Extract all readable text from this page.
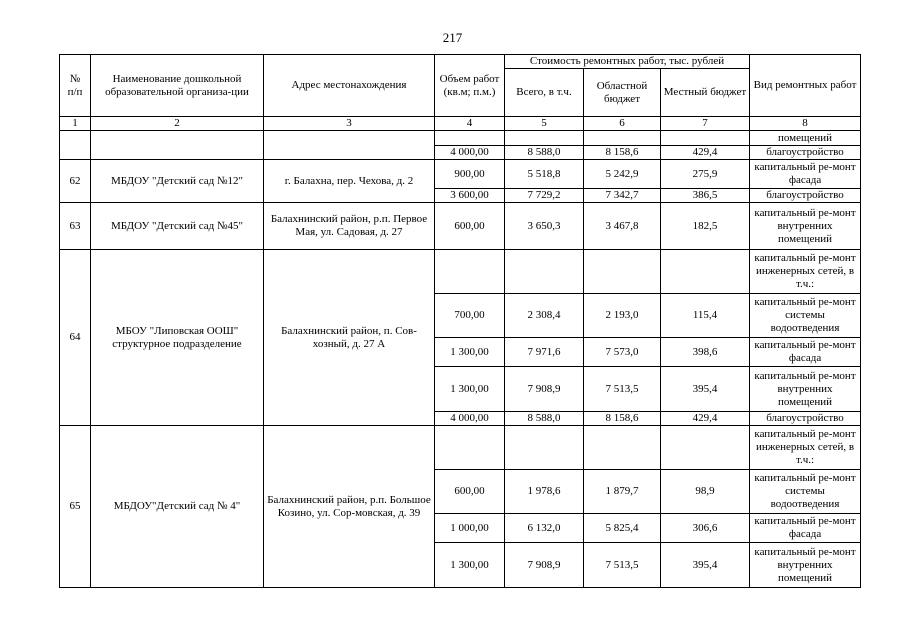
217
№
п/п	Наименование дошкольной образовательной организа-ции	Адрес местонахождения	Объем работ (кв.м; п.м.)	Стоимость ремонтных работ, тыс. рублей			Вид ремонтных работ
				Всего, в т.ч.	Областной бюджет	Местный бюджет	
1	2	3	4	5	6	7	8
							помещений
			4 000,00	8 588,0	8 158,6	429,4	благоустройство
62	МБДОУ "Детский сад №12"	г. Балахна, пер. Чехова, д. 2	900,00	5 518,8	5 242,9	275,9	капитальный ре-монт фасада
			3 600,00	7 729,2	7 342,7	386,5	благоустройство
63	МБДОУ "Детский сад №45"	Балахнинский район, р.п. Первое Мая, ул. Садовая, д. 27	600,00	3 650,3	3 467,8	182,5	капитальный ре-монт внутренних помещений
64	МБОУ "Липовская ООШ" структурное подразделение	Балахнинский район, п. Сов-хозный, д. 27 А					капитальный ре-монт инженерных сетей, в т.ч.:
			700,00	2 308,4	2 193,0	115,4	капитальный ре-монт системы водоотведения
			1 300,00	7 971,6	7 573,0	398,6	капитальный ре-монт фасада
			1 300,00	7 908,9	7 513,5	395,4	капитальный ре-монт внутренних помещений
			4 000,00	8 588,0	8 158,6	429,4	благоустройство
65	МБДОУ"Детский сад № 4"	Балахнинский район, р.п. Большое Козино, ул. Сор-мовская, д. 39					капитальный ре-монт инженерных сетей, в т.ч.:
			600,00	1 978,6	1 879,7	98,9	капитальный ре-монт системы водоотведения
			1 000,00	6 132,0	5 825,4	306,6	капитальный ре-монт фасада
			1 300,00	7 908,9	7 513,5	395,4	капитальный ре-монт внутренних помещений
